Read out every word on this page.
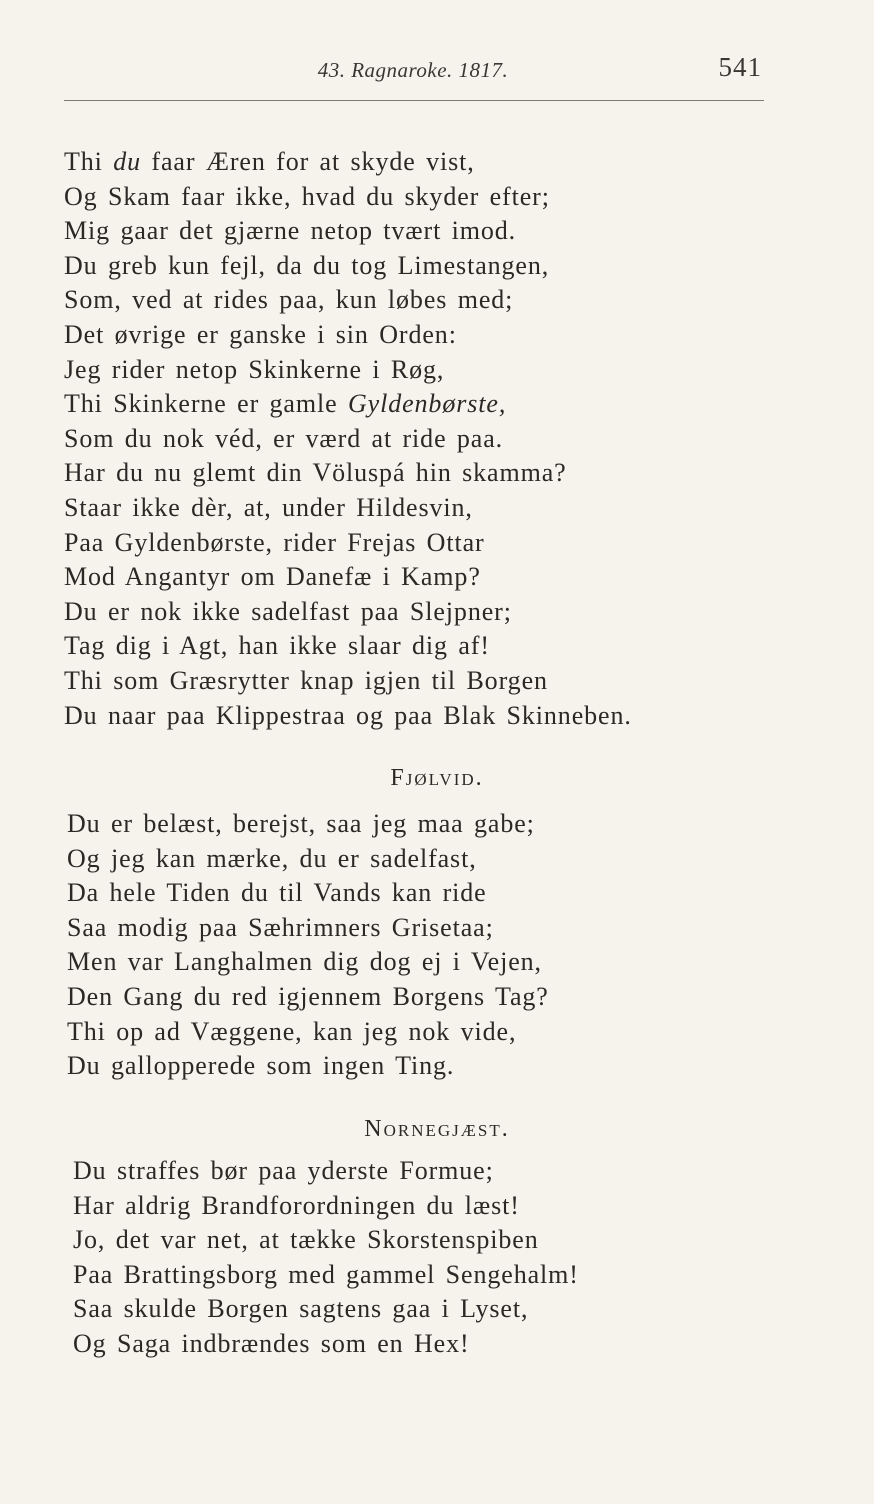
43. Ragnaroke. 1817.	541
Thi du faar Æren for at skyde vist,
Og Skam faar ikke, hvad du skyder efter;
Mig gaar det gjærne netop tvært imod.
Du greb kun fejl, da du tog Limestangen,
Som, ved at rides paa, kun løbes med;
Det øvrige er ganske i sin Orden:
Jeg rider netop Skinkerne i Røg,
Thi Skinkerne er gamle Gyldenbørste,
Som du nok véd, er værd at ride paa.
Har du nu glemt din Völuspá hin skamma?
Staar ikke dèr, at, under Hildesvin,
Paa Gyldenbørste, rider Frejas Ottar
Mod Angantyr om Danefæ i Kamp?
Du er nok ikke sadelfast paa Slejpner;
Tag dig i Agt, han ikke slaar dig af!
Thi som Græsrytter knap igjen til Borgen
Du naar paa Klippestraa og paa Blak Skinneben.
Fjølvid.
Du er belæst, berejst, saa jeg maa gabe;
Og jeg kan mærke, du er sadelfast,
Da hele Tiden du til Vands kan ride
Saa modig paa Sæhrimners Grisetaa;
Men var Langhalmen dig dog ej i Vejen,
Den Gang du red igjennem Borgens Tag?
Thi op ad Væggene, kan jeg nok vide,
Du gallopperede som ingen Ting.
Nornegjæst.
Du straffes bør paa yderste Formue;
Har aldrig Brandforordningen du læst!
Jo, det var net, at tække Skorstenspiben
Paa Brattingsborg med gammel Sengehalm!
Saa skulde Borgen sagtens gaa i Lyset,
Og Saga indbrændes som en Hex!
